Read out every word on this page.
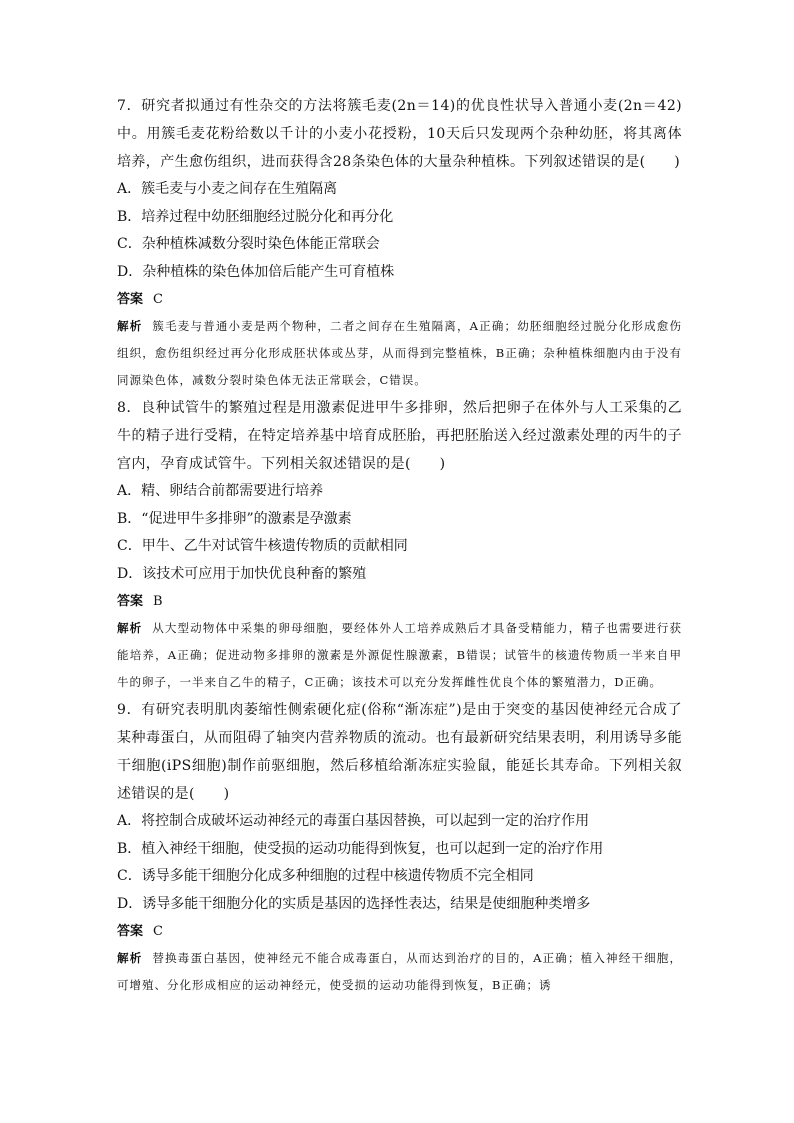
7．研究者拟通过有性杂交的方法将簇毛麦(2n＝14)的优良性状导入普通小麦(2n＝42)中。用簇毛麦花粉给数以千计的小麦小花授粉，10天后只发现两个杂种幼胚，将其离体培养，产生愈伤组织，进而获得含28条染色体的大量杂种植株。下列叙述错误的是(　　)

A．簇毛麦与小麦之间存在生殖隔离

B．培养过程中幼胚细胞经过脱分化和再分化

C．杂种植株减数分裂时染色体能正常联会

D．杂种植株的染色体加倍后能产生可育植株

答案 C

解析 簇毛麦与普通小麦是两个物种，二者之间存在生殖隔离，A正确；幼胚细胞经过脱分化形成愈伤组织，愈伤组织经过再分化形成胚状体或丛芽，从而得到完整植株，B正确；杂种植株细胞内由于没有同源染色体，减数分裂时染色体无法正常联会，C错误。

8．良种试管牛的繁殖过程是用激素促进甲牛多排卵，然后把卵子在体外与人工采集的乙牛的精子进行受精，在特定培养基中培育成胚胎，再把胚胎送入经过激素处理的丙牛的子宫内，孕育成试管牛。下列相关叙述错误的是(　　)

A．精、卵结合前都需要进行培养

B．“促进甲牛多排卵”的激素是孕激素

C．甲牛、乙牛对试管牛核遗传物质的贡献相同

D．该技术可应用于加快优良种畜的繁殖

答案 B

解析 从大型动物体中采集的卵母细胞，要经体外人工培养成熟后才具备受精能力，精子也需要进行获能培养，A正确；促进动物多排卵的激素是外源促性腺激素，B错误；试管牛的核遗传物质一半来自甲牛的卵子，一半来自乙牛的精子，C正确；该技术可以充分发挥雌性优良个体的繁殖潜力，D正确。

9．有研究表明肌肉萎缩性侧索硬化症(俗称“渐冻症”)是由于突变的基因使神经元合成了某种毒蛋白，从而阻碍了轴突内营养物质的流动。也有最新研究结果表明，利用诱导多能干细胞(iPS细胞)制作前驱细胞，然后移植给渐冻症实验鼠，能延长其寿命。下列相关叙述错误的是(　　)

A．将控制合成破坏运动神经元的毒蛋白基因替换，可以起到一定的治疗作用

B．植入神经干细胞，使受损的运动功能得到恢复，也可以起到一定的治疗作用

C．诱导多能干细胞分化成多种细胞的过程中核遗传物质不完全相同

D．诱导多能干细胞分化的实质是基因的选择性表达，结果是使细胞种类增多

答案 C

解析 替换毒蛋白基因，使神经元不能合成毒蛋白，从而达到治疗的目的，A正确；植入神经干细胞，可增殖、分化形成相应的运动神经元，使受损的运动功能得到恢复，B正确；诱
